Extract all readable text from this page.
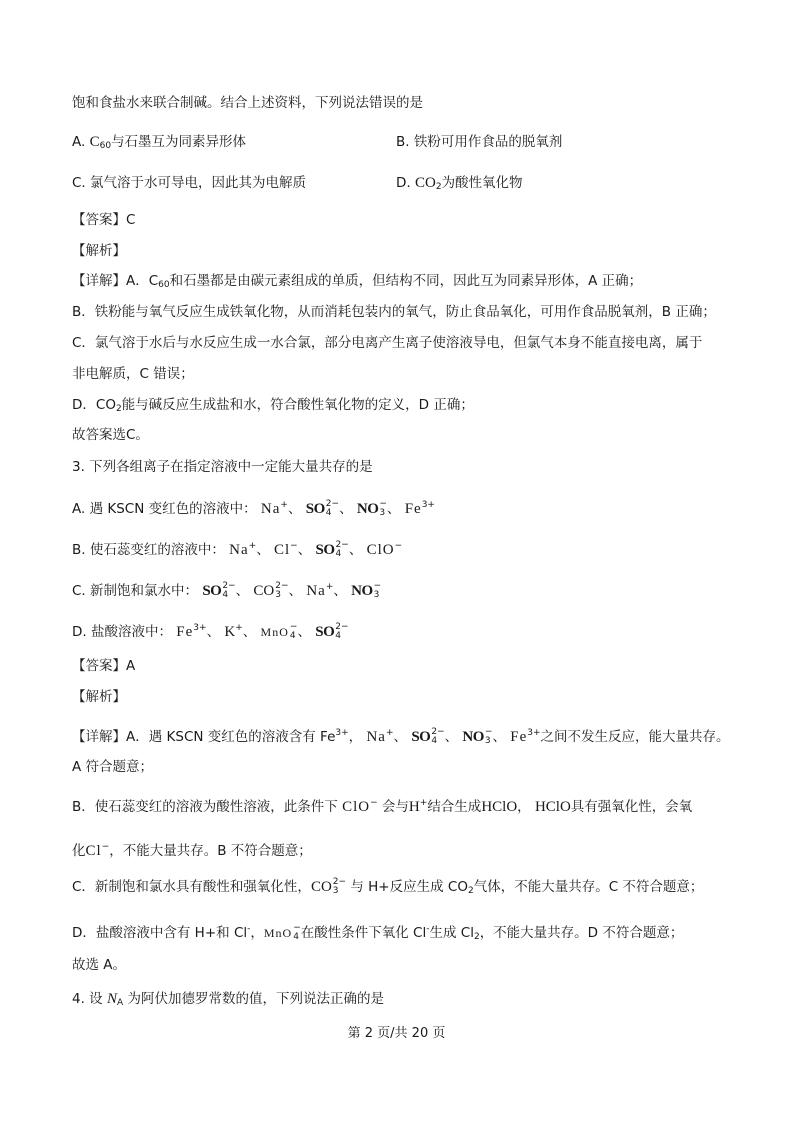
饱和食盐水来联合制碱。结合上述资料，下列说法错误的是
A. $C_{60}$与石墨互为同素异形体	B. 铁粉可用作食品的脱氧剂
C. 氯气溶于水可导电，因此其为电解质	D. $CO_2$为酸性氧化物
【答案】C
【解析】
【详解】A．$C_{60}$和石墨都是由碳元素组成的单质，但结构不同，因此互为同素异形体，A 正确；
B．铁粉能与氧气反应生成铁氧化物，从而消耗包装内的氧气，防止食品氧化，可用作食品脱氧剂，B 正确；
C．氯气溶于水后与水反应生成一水合氯，部分电离产生离子使溶液导电，但氯气本身不能直接电离，属于
非电解质，C 错误；
D．$CO_2$能与碱反应生成盐和水，符合酸性氧化物的定义，D 正确；
故答案选C。
3. 下列各组离子在指定溶液中一定能大量共存的是
A. 遇 KSCN 变红色的溶液中： Na+、 SO 2−
4 、 NO −
3 、 $Fe^{3+}$
B. 使石蕊变红的溶液中： Na+、 Cl−、 SO 2−
4 、 ClO−
C. 新制饱和氯水中： SO 2−
4 、 CO 2−
3 、 Na+、 NO −
3
D. 盐酸溶液中： $Fe^{3+}$、 K+、 MnO −
4 、 SO 2−
4
【答案】A
【解析】
【详解】A．遇 KSCN 变红色的溶液含有 $Fe^{3+}$， Na+、 SO 2−
4 、 NO −
3 、 $Fe^{3+}$之间不发生反应，能大量共存。
A 符合题意；
B．使石蕊变红的溶液为酸性溶液，此条件下 ClO− 会与H+结合生成HClO， HClO具有强氧化性，会氧
化Cl−，不能大量共存。B 不符合题意；
C．新制饱和氯水具有酸性和强氧化性，CO 2−
3 与 H+反应生成 $CO_2$气体，不能大量共存。C 不符合题意；
D．盐酸溶液中含有 H+和 Cl-，MnO −
4 在酸性条件下氧化 Cl-生成 $Cl_2$，不能大量共存。D 不符合题意；
故选 A。
4. 设 $N_A$ 为阿伏加德罗常数的值，下列说法正确的是
第 2 页/共 20 页
